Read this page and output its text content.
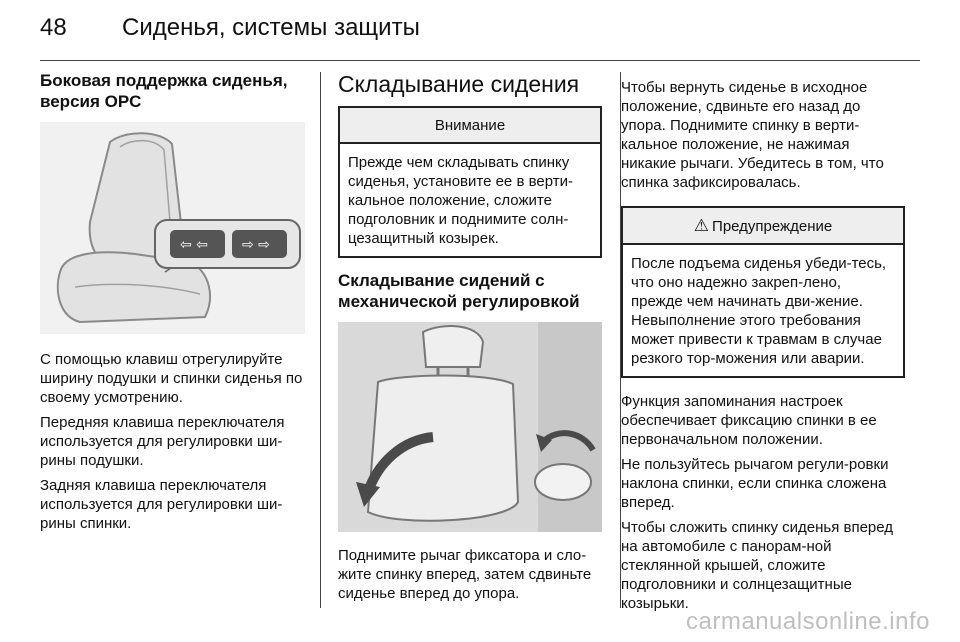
48 Сиденья, системы защиты
Боковая поддержка сиденья, версия OPC
⇦ ⇦ ⇨ ⇨

С помощью клавиш отрегулируйте ширину подушки и спинки сиденья по своему усмотрению.

Передняя клавиша переключателя используется для регулировки ши-рины подушки.

Задняя клавиша переключателя используется для регулировки ши-рины спинки.

Складывание сидения
Внимание
Прежде чем складывать спинку сиденья, установите ее в верти-кальное положение, сложите подголовник и поднимите солн-цезащитный козырек.
Складывание сидений с механической регулировкой

Поднимите рычаг фиксатора и сло-жите спинку вперед, затем сдвиньте сиденье вперед до упора.

Чтобы вернуть сиденье в исходное положение, сдвиньте его назад до упора. Поднимите спинку в верти-кальное положение, не нажимая никакие рычаги. Убедитесь в том, что спинка зафиксировалась.

⚠ Предупреждение
После подъема сиденья убеди-тесь, что оно надежно закреп-лено, прежде чем начинать дви-жение. Невыполнение этого требования может привести к травмам в случае резкого тор-можения или аварии.

Функция запоминания настроек обеспечивает фиксацию спинки в ее первоначальном положении.

Не пользуйтесь рычагом регули-ровки наклона спинки, если спинка сложена вперед.

Чтобы сложить спинку сиденья вперед на автомобиле с панорам-ной стеклянной крышей, сложите подголовники и солнцезащитные козырьки.

carmanualsonline.info
